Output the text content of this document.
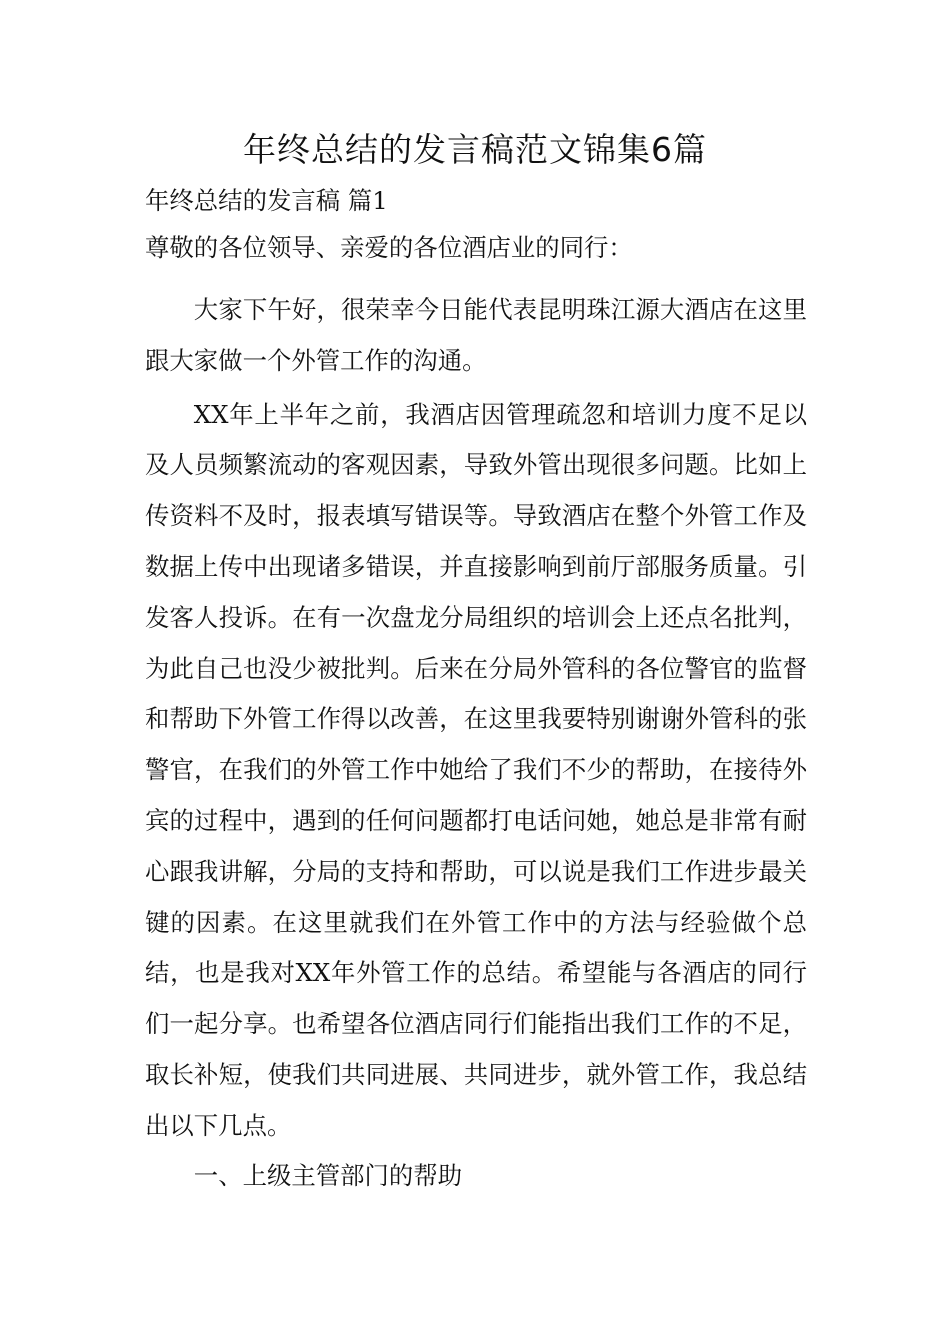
年终总结的发言稿范文锦集6篇

年终总结的发言稿 篇1

尊敬的各位领导、亲爱的各位酒店业的同行：

大家下午好，很荣幸今日能代表昆明珠江源大酒店在这里跟大家做一个外管工作的沟通。

XX年上半年之前，我酒店因管理疏忽和培训力度不足以及人员频繁流动的客观因素，导致外管出现很多问题。比如上传资料不及时，报表填写错误等。导致酒店在整个外管工作及数据上传中出现诸多错误，并直接影响到前厅部服务质量。引发客人投诉。在有一次盘龙分局组织的培训会上还点名批判，为此自己也没少被批判。后来在分局外管科的各位警官的监督和帮助下外管工作得以改善，在这里我要特别谢谢外管科的张警官，在我们的外管工作中她给了我们不少的帮助，在接待外宾的过程中，遇到的任何问题都打电话问她，她总是非常有耐心跟我讲解，分局的支持和帮助，可以说是我们工作进步最关键的因素。在这里就我们在外管工作中的方法与经验做个总结，也是我对XX年外管工作的总结。希望能与各酒店的同行们一起分享。也希望各位酒店同行们能指出我们工作的不足，取长补短，使我们共同进展、共同进步，就外管工作，我总结出以下几点。

一、上级主管部门的帮助
